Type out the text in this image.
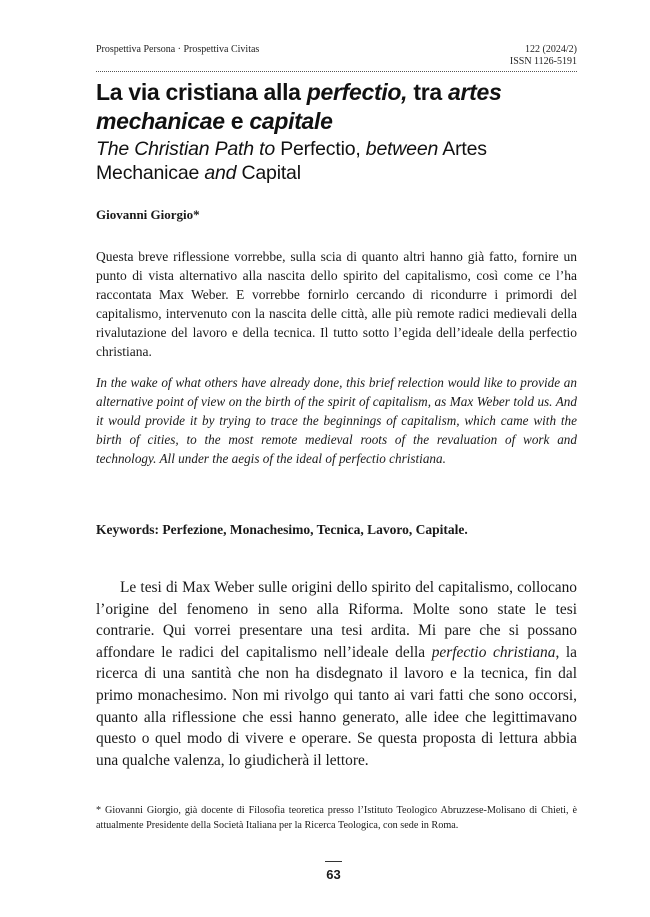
Prospettiva Persona · Prospettiva Civitas	122 (2024/2)
ISSN 1126-5191
La via cristiana alla perfectio, tra artes mechanicae e capitale
The Christian Path to Perfectio, between Artes Mechanicae and Capital
Giovanni Giorgio*

Questa breve riflessione vorrebbe, sulla scia di quanto altri hanno già fatto, fornire un punto di vista alternativo alla nascita dello spirito del capitalismo, così come ce l’ha raccontata Max Weber. E vorrebbe fornirlo cercando di ricondurre i primordi del capitalismo, intervenuto con la nascita delle città, alle più remote radici medievali della rivalutazione del lavoro e della tecnica. Il tutto sotto l’egida dell’ideale della perfectio christiana.

In the wake of what others have already done, this brief relection would like to provide an alternative point of view on the birth of the spirit of capitalism, as Max Weber told us. And it would provide it by trying to trace the beginnings of capitalism, which came with the birth of cities, to the most remote medieval roots of the revaluation of work and technology. All under the aegis of the ideal of perfectio christiana.

Keywords: Perfezione, Monachesimo, Tecnica, Lavoro, Capitale.

Le tesi di Max Weber sulle origini dello spirito del capitalismo, collocano l’origine del fenomeno in seno alla Riforma. Molte sono state le tesi contrarie. Qui vorrei presentare una tesi ardita. Mi pare che si possano affondare le radici del capitalismo nell’ideale della perfectio christiana, la ricerca di una santità che non ha disdegnato il lavoro e la tecnica, fin dal primo monachesimo. Non mi rivolgo qui tanto ai vari fatti che sono occorsi, quanto alla riflessione che essi hanno generato, alle idee che legittimavano questo o quel modo di vivere e operare. Se questa proposta di lettura abbia una qualche valenza, lo giudicherà il lettore.

* Giovanni Giorgio, già docente di Filosofia teoretica presso l’Istituto Teologico Abruzzese-Molisano di Chieti, è attualmente Presidente della Società Italiana per la Ricerca Teologica, con sede in Roma.

63
